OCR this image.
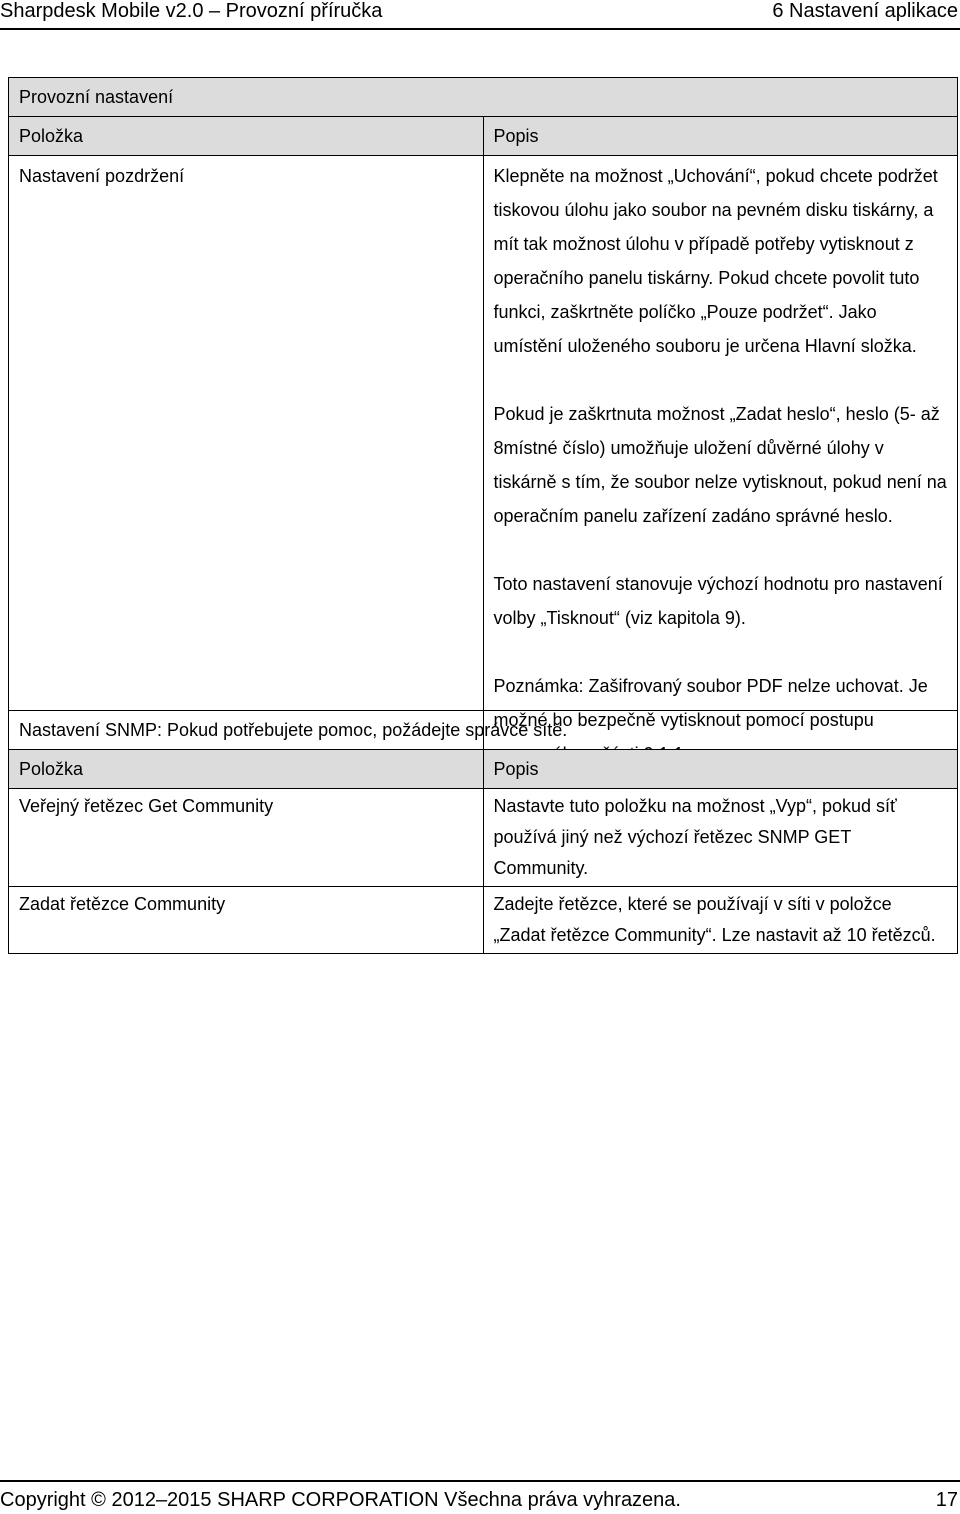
Sharpdesk Mobile v2.0 – Provozní příručka	6 Nastavení aplikace
Provozní nastavení	
Položka	Popis
Nastavení pozdržení	Klepněte na možnost „Uchování“, pokud chcete podržet tiskovou úlohu jako soubor na pevném disku tiskárny, a mít tak možnost úlohu v případě potřeby vytisknout z operačního panelu tiskárny. Pokud chcete povolit tuto funkci, zaškrtněte políčko „Pouze podržet“. Jako umístění uloženého souboru je určena Hlavní složka.

Pokud je zaškrtnuta možnost „Zadat heslo“, heslo (5- až 8místné číslo) umožňuje uložení důvěrné úlohy v tiskárně s tím, že soubor nelze vytisknout, pokud není na operačním panelu zařízení zadáno správné heslo.

Toto nastavení stanovuje výchozí hodnotu pro nastavení volby „Tisknout“ (viz kapitola 9).

Poznámka: Zašifrovaný soubor PDF nelze uchovat. Je možné ho bezpečně vytisknout pomocí postupu

Nastavení SNMP: Pokud potřebujete pomoc, požádejte správce sítě.	
Položka	Popis
Veřejný řetězec Get Community	Nastavte tuto položku na možnost „Vyp“, pokud síť používá jiný než výchozí řetězec SNMP GET Community.
Zadat řetězce Community	Zadejte řetězce, které se používají v síti v položce „Zadat řetězce Community“. Lze nastavit až 10 řetězců.
Copyright © 2012–2015 SHARP CORPORATION Všechna práva vyhrazena.	17
